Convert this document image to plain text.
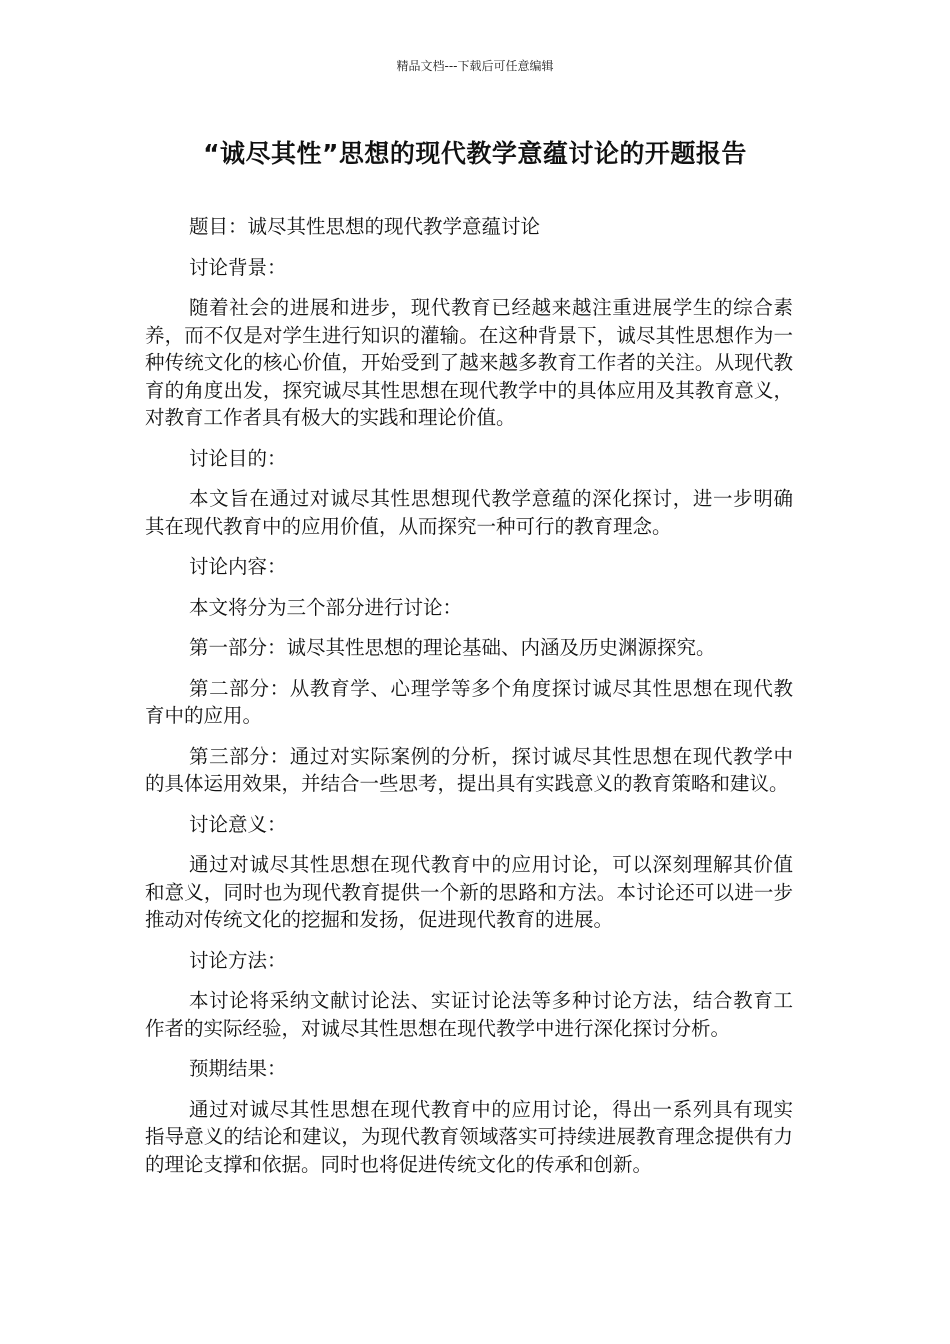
精品文档---下载后可任意编辑
“诚尽其性”思想的现代教学意蕴讨论的开题报告

题目：诚尽其性思想的现代教学意蕴讨论

讨论背景：

随着社会的进展和进步，现代教育已经越来越注重进展学生的综合素养，而不仅是对学生进行知识的灌输。在这种背景下，诚尽其性思想作为一种传统文化的核心价值，开始受到了越来越多教育工作者的关注。从现代教育的角度出发，探究诚尽其性思想在现代教学中的具体应用及其教育意义，对教育工作者具有极大的实践和理论价值。

讨论目的：

本文旨在通过对诚尽其性思想现代教学意蕴的深化探讨，进一步明确其在现代教育中的应用价值，从而探究一种可行的教育理念。

讨论内容：

本文将分为三个部分进行讨论：

第一部分：诚尽其性思想的理论基础、内涵及历史渊源探究。

第二部分：从教育学、心理学等多个角度探讨诚尽其性思想在现代教育中的应用。

第三部分：通过对实际案例的分析，探讨诚尽其性思想在现代教学中的具体运用效果，并结合一些思考，提出具有实践意义的教育策略和建议。

讨论意义：

通过对诚尽其性思想在现代教育中的应用讨论，可以深刻理解其价值和意义，同时也为现代教育提供一个新的思路和方法。本讨论还可以进一步推动对传统文化的挖掘和发扬，促进现代教育的进展。

讨论方法：

本讨论将采纳文献讨论法、实证讨论法等多种讨论方法，结合教育工作者的实际经验，对诚尽其性思想在现代教学中进行深化探讨分析。

预期结果：

通过对诚尽其性思想在现代教育中的应用讨论，得出一系列具有现实指导意义的结论和建议，为现代教育领域落实可持续进展教育理念提供有力的理论支撑和依据。同时也将促进传统文化的传承和创新。
